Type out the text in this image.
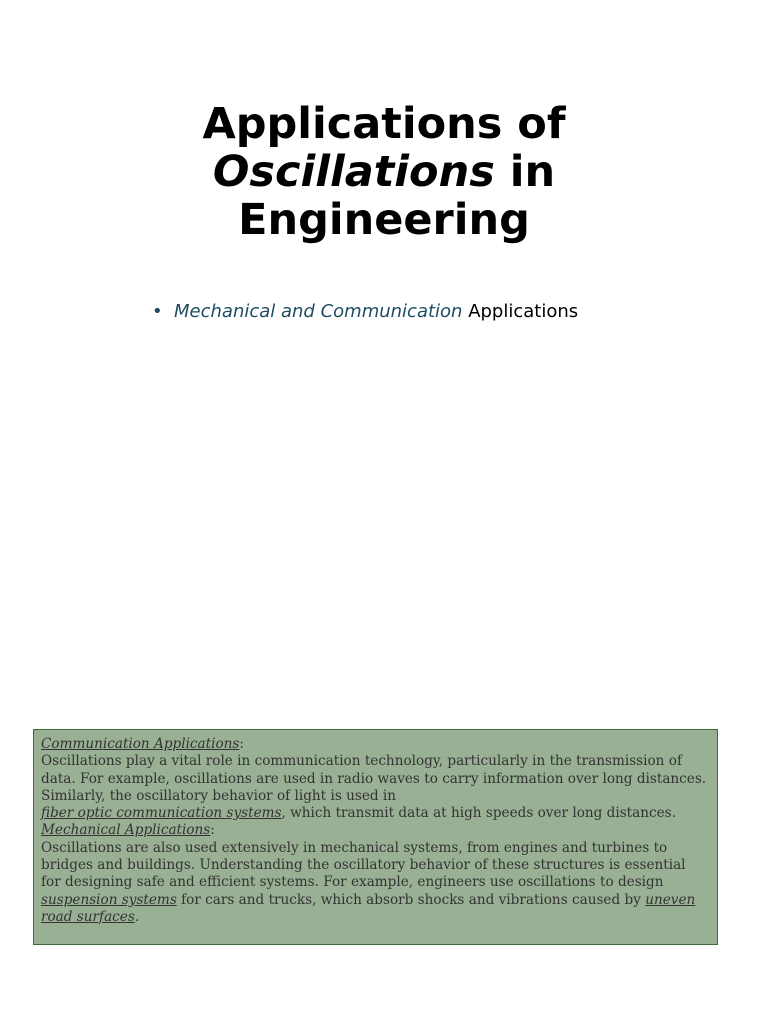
Applications of
Oscillations in
Engineering
• Mechanical and Communication Applications

Communication Applications:

Oscillations play a vital role in communication technology, particularly in the transmission of data. For example, oscillations are used in radio waves to carry information over long distances. Similarly, the oscillatory behavior of light is used in
fiber optic communication systems, which transmit data at high speeds over long distances.

Mechanical Applications:

Oscillations are also used extensively in mechanical systems, from engines and turbines to bridges and buildings. Understanding the oscillatory behavior of these structures is essential for designing safe and efficient systems. For example, engineers use oscillations to design suspension systems for cars and trucks, which absorb shocks and vibrations caused by uneven road surfaces.
